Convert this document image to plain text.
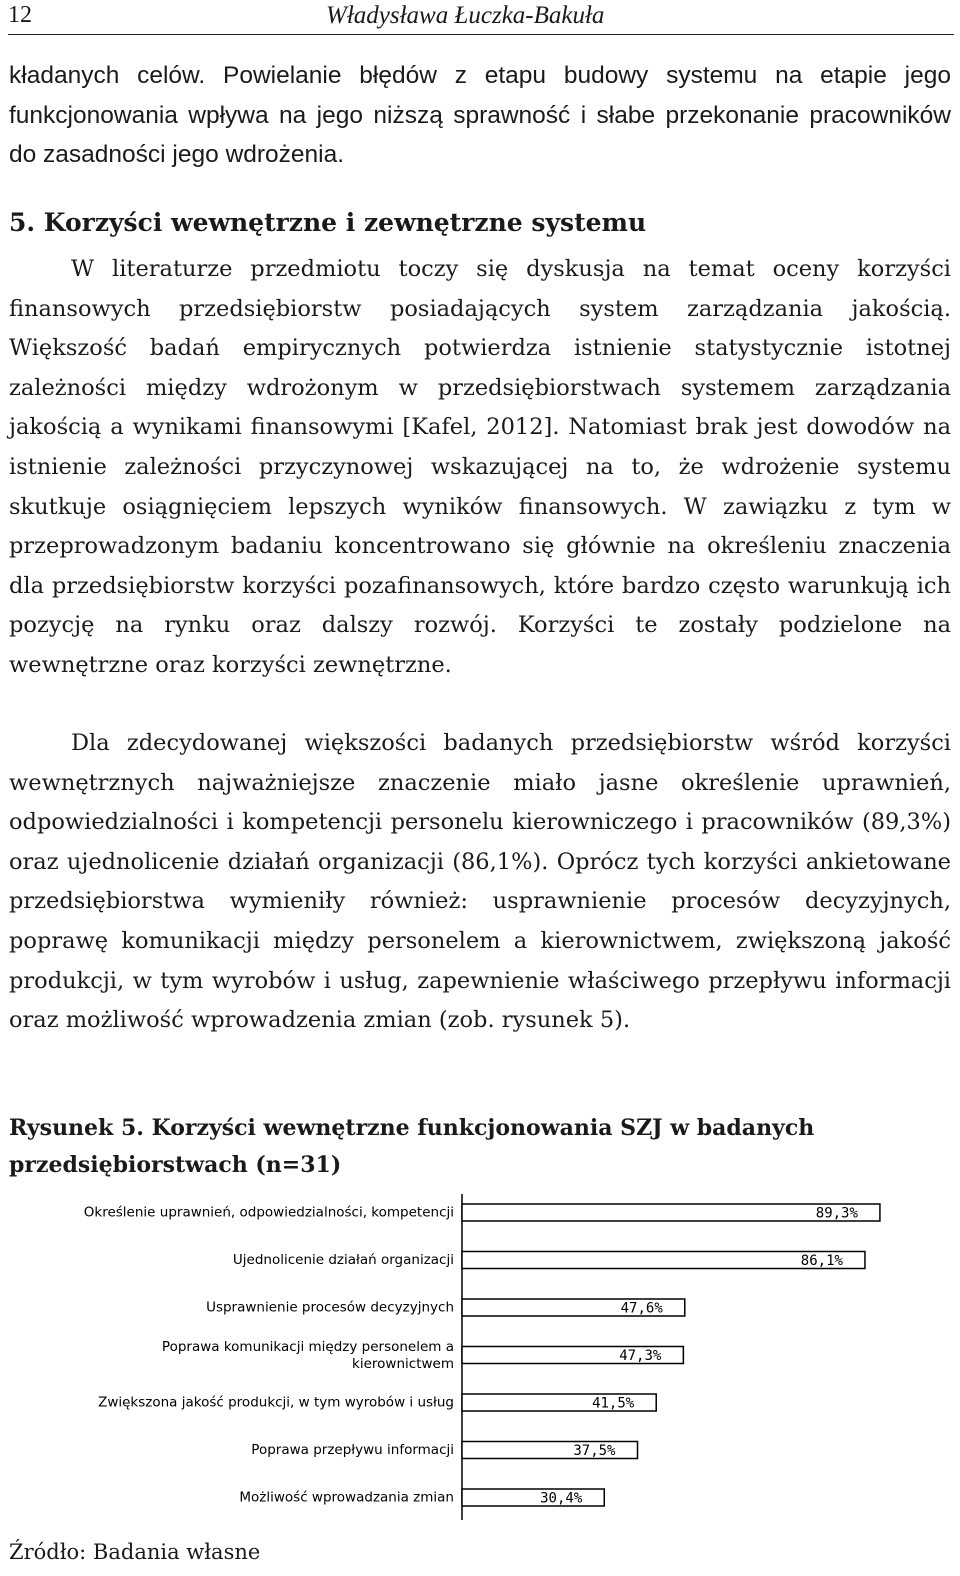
12	Władysława Łuczka-Bakuła

kładanych celów. Powielanie błędów z etapu budowy systemu na etapie jego funkcjonowania wpływa na jego niższą sprawność i słabe przekonanie pracowników do zasadności jego wdrożenia.

5. Korzyści wewnętrzne i zewnętrzne systemu

W literaturze przedmiotu toczy się dyskusja na temat oceny korzyści finansowych przedsiębiorstw posiadających system zarządzania jakością. Większość badań empirycznych potwierdza istnienie statystycznie istotnej zależności między wdrożonym w przedsiębiorstwach systemem zarządzania jakością a wynikami finansowymi [Kafel, 2012]. Natomiast brak jest dowodów na istnienie zależności przyczynowej wskazującej na to, że wdrożenie systemu skutkuje osiągnięciem lepszych wyników finansowych. W zawiązku z tym w przeprowadzonym badaniu koncentrowano się głównie na określeniu znaczenia dla przedsiębiorstw korzyści pozafinansowych, które bardzo często warunkują ich pozycję na rynku oraz dalszy rozwój. Korzyści te zostały podzielone na wewnętrzne oraz korzyści zewnętrzne.

Dla zdecydowanej większości badanych przedsiębiorstw wśród korzyści wewnętrznych najważniejsze znaczenie miało jasne określenie uprawnień, odpowiedzialności i kompetencji personelu kierowniczego i pracowników (89,3%) oraz ujednolicenie działań organizacji (86,1%). Oprócz tych korzyści ankietowane przedsiębiorstwa wymieniły również: usprawnienie procesów decyzyjnych, poprawę komunikacji między personelem a kierownictwem, zwiększoną jakość produkcji, w tym wyrobów i usług, zapewnienie właściwego przepływu informacji oraz możliwość wprowadzenia zmian (zob. rysunek 5).

Rysunek 5. Korzyści wewnętrzne funkcjonowania SZJ w badanych przedsiębiorstwach (n=31)

89,3%
Określenie uprawnień, odpowiedzialności, kompetencji
86,1%
Ujednolicenie działań organizacji
47,6%
Usprawnienie procesów decyzyjnych
47,3%
Poprawa komunikacji między personelem a
kierownictwem
41,5%
Zwiększona jakość produkcji, w tym wyrobów i usług
37,5%
Poprawa przepływu informacji
30,4%
Możliwość wprowadzania zmian
Źródło: Badania własne
